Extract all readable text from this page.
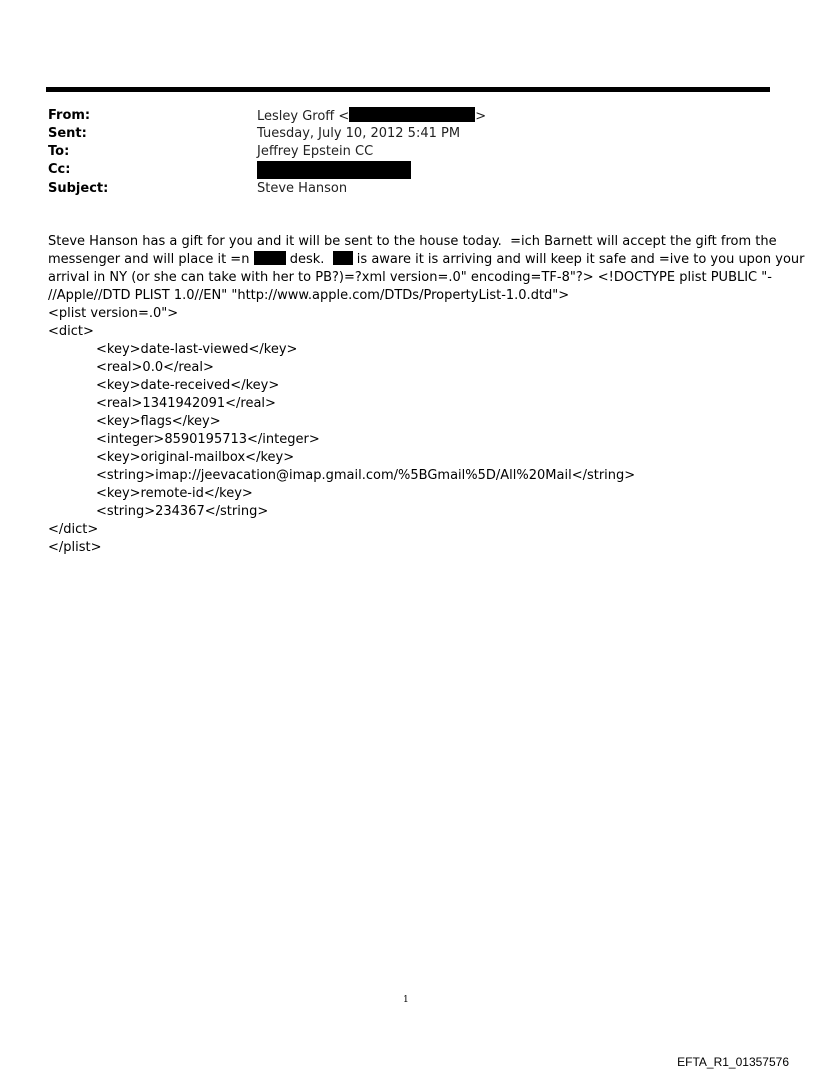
From:	Lesley Groff <	>
Sent:	Tuesday, July 10, 2012 5:41 PM
To:	Jeffrey Epstein CC
Cc:
Subject:	Steve Hanson
Steve Hanson has a gift for you and it will be sent to the house today.  =ich Barnett will accept the gift from the
messenger and will place it =n  desk.   is aware it is arriving and will keep it safe and =ive to you upon your
arrival in NY (or she can take with her to PB?)=?xml version=.0" encoding=TF-8"?> <!DOCTYPE plist PUBLIC "-
//Apple//DTD PLIST 1.0//EN" "http://www.apple.com/DTDs/PropertyList-1.0.dtd">
<plist version=.0">
<dict>
<key>date-last-viewed</key>
<real>0.0</real>
<key>date-received</key>
<real>1341942091</real>
<key>flags</key>
<integer>8590195713</integer>
<key>original-mailbox</key>
<string>imap://jeevacation@imap.gmail.com/%5BGmail%5D/All%20Mail</string>
<key>remote-id</key>
<string>234367</string>
</dict>
</plist>
1
EFTA_R1_01357576
